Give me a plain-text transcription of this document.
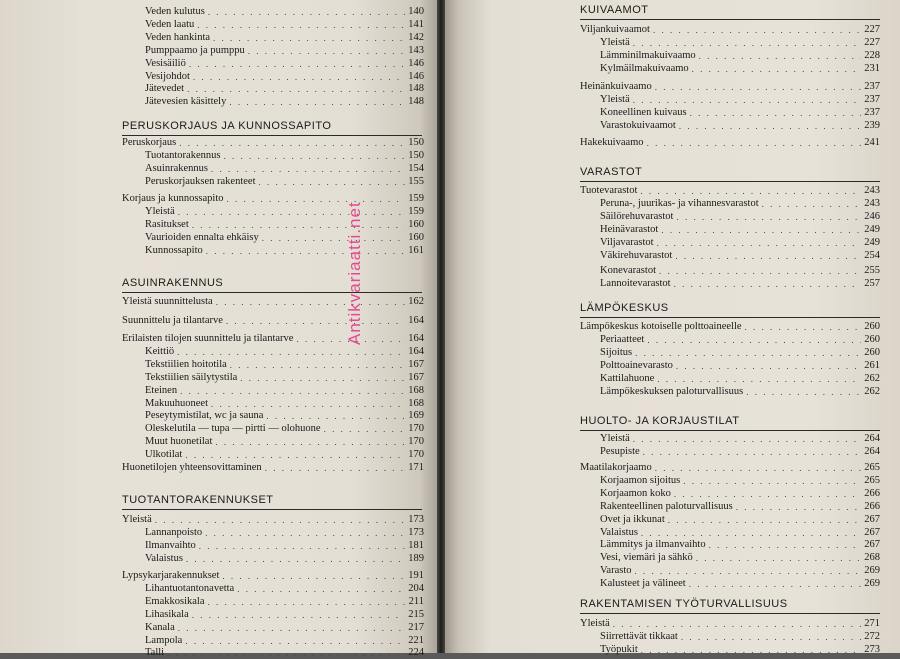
Veden kulutus . . .	140
Veden laatu . . .	141
Veden hankinta . . .	142
Pumppaamo ja pumppu . . .	143
Vesisäiliö . . .	146
Vesijohdot . . .	146
Jätevedet . . .	148
Jätevesien käsittely . . .	148
PERUSKORJAUS JA KUNNOSSAPITO
Peruskorjaus . . .	150
Tuotantorakennus . . .	150
Asuinrakennus . . .	154
Peruskorjauksen rakenteet . . .	155
Korjaus ja kunnossapito . . .	159
Yleistä . . .	159
Rasitukset . . .	160
Vaurioiden ennalta ehkäisy . . .	160
Kunnossapito . . .	161
ASUINRAKENNUS
Yleistä suunnittelusta . . .	162
Suunnittelu ja tilantarve . . .	164
Erilaisten tilojen suunnittelu ja tilantarve . . .	164
Keittiö . . .	164
Tekstiilien hoitotila . . .	167
Tekstiilien säilytystila . . .	167
Eteinen . . .	168
Makuuhuoneet . . .	168
Peseytymistilat, wc ja sauna . . .	169
Oleskelutila — tupa — pirtti — olohuone . . .	170
Muut huonetilat . . .	170
Ulkotilat . . .	170
Huonetilojen yhteensovittaminen . . .	171
TUOTANTORAKENNUKSET
Yleistä . . .	173
Lannanpoisto . . .	173
Ilmanvaihto . . .	181
Valaistus . . .	189
Lypsykarjarakennukset . . .	191
Lihantuotantonavetta . . .	204
Emakkosikala . . .	211
Lihasikala . . .	215
Kanala . . .	217
Lampola . . .	221
Talli . . .	224
KUIVAAMOT
Viljankuivaamot . . .	227
Yleistä . . .	227
Lämminilmakuivaamo . . .	228
Kylmäilmakuivaamo . . .	231
Heinänkuivaamo . . .	237
Yleistä . . .	237
Koneellinen kuivaus . . .	237
Varastokuivaamot . . .	239
Hakekuivaamo . . .	241
VARASTOT
Tuotevarastot . . .	243
Peruna-, juurikas- ja vihannesvarastot . . .	243
Säilörehuvarastot . . .	246
Heinävarastot . . .	249
Viljavarastot . . .	249
Väkirehuvarastot . . .	254
Konevarastot . . .	255
Lannoitevarastot . . .	257
LÄMPÖKESKUS
Lämpökeskus kotoiselle polttoaineelle . . .	260
Periaatteet . . .	260
Sijoitus . . .	260
Polttoainevarasto . . .	261
Kattilahuone . . .	262
Lämpökeskuksen paloturvallisuus . . .	262
HUOLTO- JA KORJAUSTILAT
Yleistä . . .	264
Pesupiste . . .	264
Maatilakorjaamo . . .	265
Korjaamon sijoitus . . .	265
Korjaamon koko . . .	266
Rakenteellinen paloturvallisuus . . .	266
Ovet ja ikkunat . . .	267
Valaistus . . .	267
Lämmitys ja ilmanvaihto . . .	267
Vesi, viemäri ja sähkö . . .	268
Varasto . . .	269
Kalusteet ja välineet . . .	269
RAKENTAMISEN TYÖTURVALLISUUS
Yleistä . . .	271
Siirrettävät tikkaat . . .	272
Työpukit . . .	273
Antikvariaatti.net
